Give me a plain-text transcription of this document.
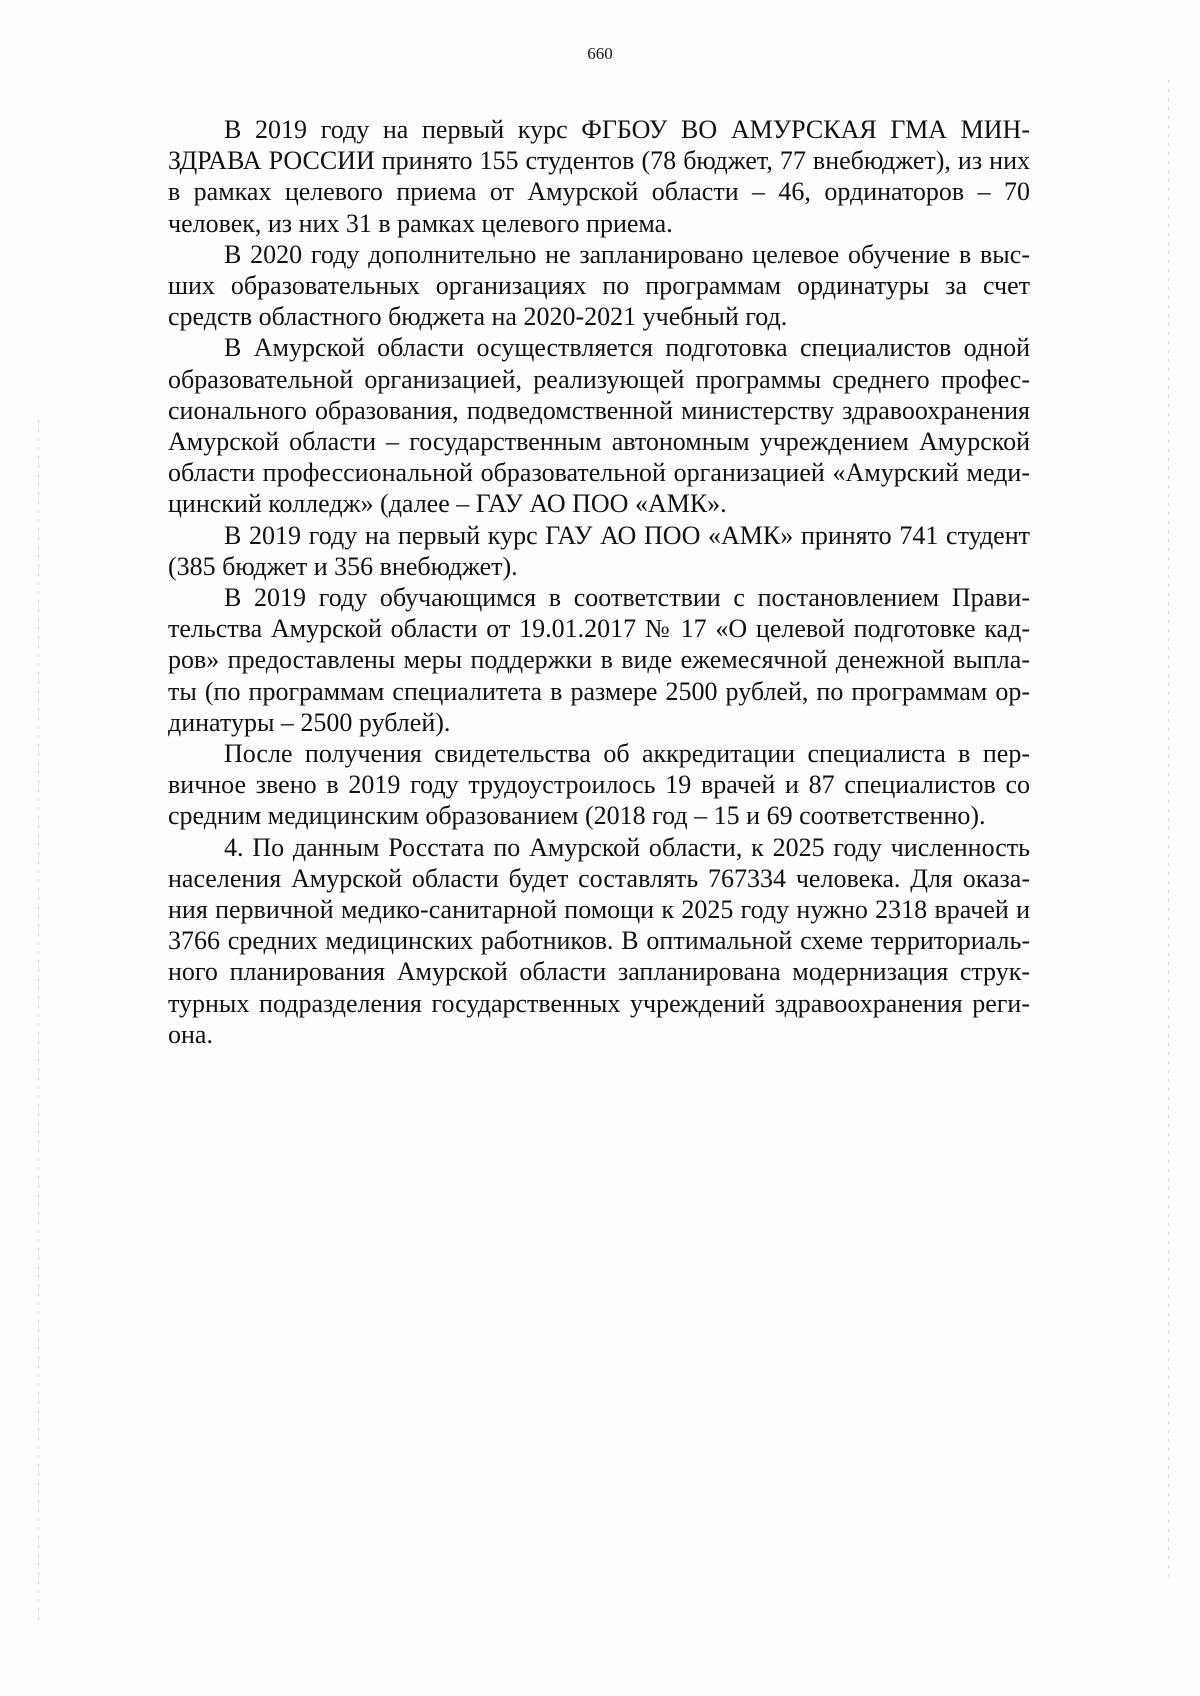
660

В 2019 году на первый курс ФГБОУ ВО АМУРСКАЯ ГМА МИНЗДРАВА РОССИИ принято 155 студентов (78 бюджет, 77 внебюджет), из них в рамках целевого приема от Амурской области – 46, ординаторов – 70 человек, из них 31 в рамках целевого приема.

В 2020 году дополнительно не запланировано целевое обучение в высших образовательных организациях по программам ординатуры за счет средств областного бюджета на 2020-2021 учебный год.

В Амурской области осуществляется подготовка специалистов одной образовательной организацией, реализующей программы среднего профессионального образования, подведомственной министерству здравоохранения Амурской области – государственным автономным учреждением Амурской области профессиональной образовательной организацией «Амурский медицинский колледж» (далее – ГАУ АО ПОО «АМК».

В 2019 году на первый курс ГАУ АО ПОО «АМК» принято 741 студент (385 бюджет и 356 внебюджет).

В 2019 году обучающимся в соответствии с постановлением Правительства Амурской области от 19.01.2017 № 17 «О целевой подготовке кадров» предоставлены меры поддержки в виде ежемесячной денежной выплаты (по программам специалитета в размере 2500 рублей, по программам ординатуры – 2500 рублей).

После получения свидетельства об аккредитации специалиста в первичное звено в 2019 году трудоустроилось 19 врачей и 87 специалистов со средним медицинским образованием (2018 год – 15 и 69 соответственно).

4. По данным Росстата по Амурской области, к 2025 году численность населения Амурской области будет составлять 767334 человека. Для оказания первичной медико-санитарной помощи к 2025 году нужно 2318 врачей и 3766 средних медицинских работников. В оптимальной схеме территориального планирования Амурской области запланирована модернизация структурных подразделения государственных учреждений здравоохранения региона.
